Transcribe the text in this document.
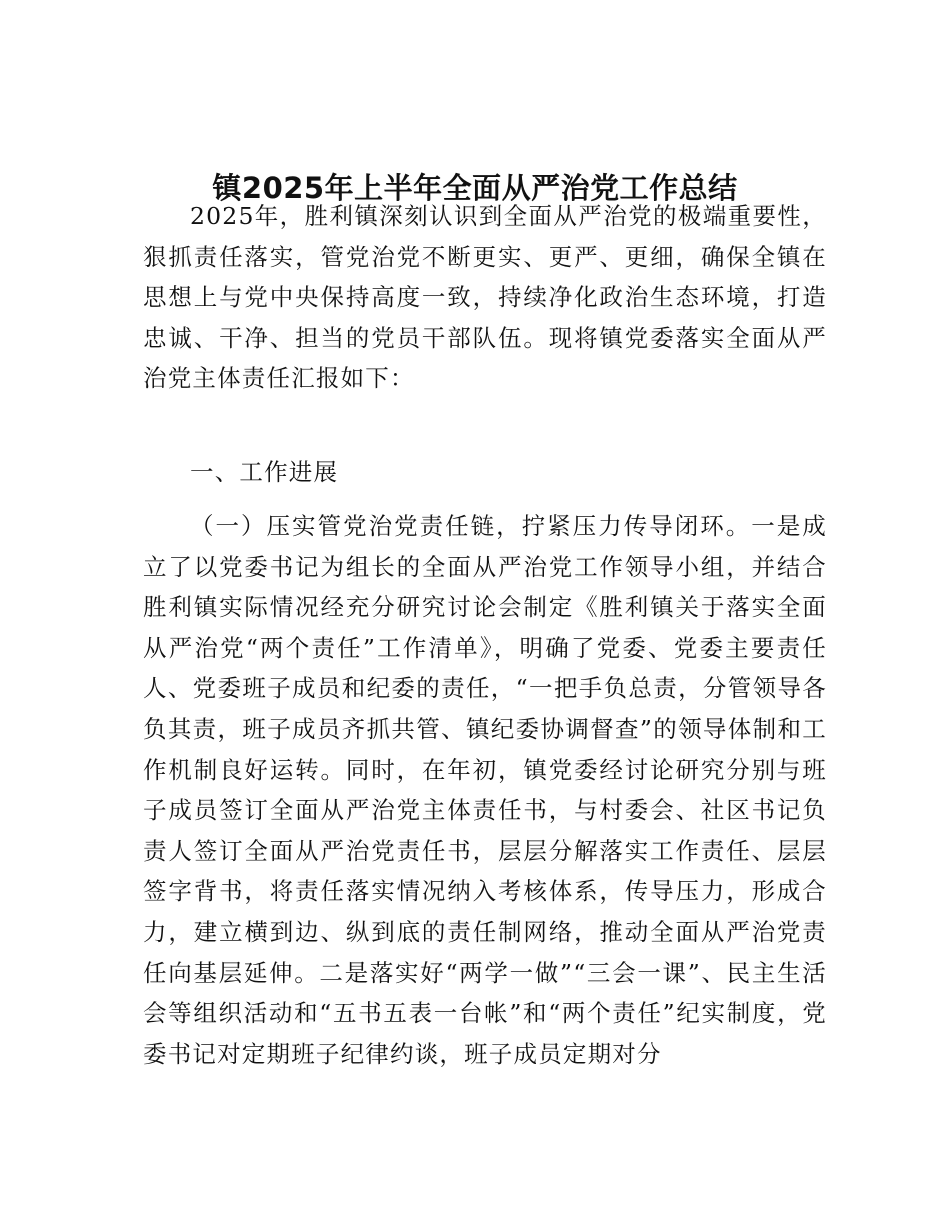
镇2025年上半年全面从严治党工作总结

2025年，胜利镇深刻认识到全面从严治党的极端重要性，狠抓责任落实，管党治党不断更实、更严、更细，确保全镇在思想上与党中央保持高度一致，持续净化政治生态环境，打造忠诚、干净、担当的党员干部队伍。现将镇党委落实全面从严治党主体责任汇报如下：

一、工作进展

（一）压实管党治党责任链，拧紧压力传导闭环。一是成立了以党委书记为组长的全面从严治党工作领导小组，并结合胜利镇实际情况经充分研究讨论会制定《胜利镇关于落实全面从严治党“两个责任”工作清单》，明确了党委、党委主要责任人、党委班子成员和纪委的责任，“一把手负总责，分管领导各负其责，班子成员齐抓共管、镇纪委协调督查”的领导体制和工作机制良好运转。同时，在年初，镇党委经讨论研究分别与班子成员签订全面从严治党主体责任书，与村委会、社区书记负责人签订全面从严治党责任书，层层分解落实工作责任、层层签字背书，将责任落实情况纳入考核体系，传导压力，形成合力，建立横到边、纵到底的责任制网络，推动全面从严治党责任向基层延伸。二是落实好“两学一做”“三会一课”、民主生活会等组织活动和“五书五表一台帐”和“两个责任”纪实制度，党委书记对定期班子纪律约谈，班子成员定期对分
